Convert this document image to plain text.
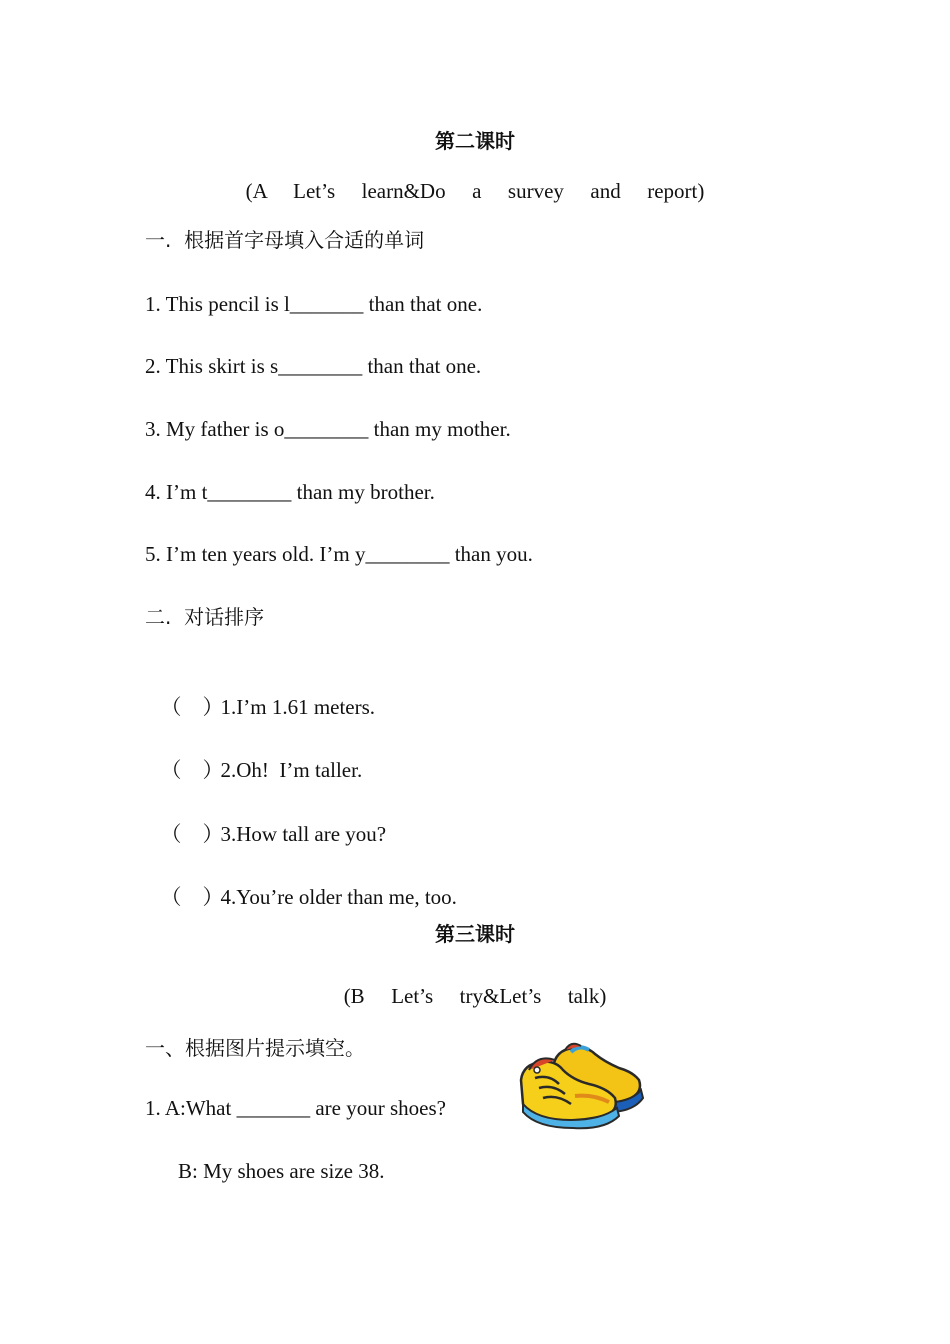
第二课时
(A  Let’s  learn&Do  a  survey  and  report)
一.  根据首字母填入合适的单词
1. This pencil is l_______ than that one.
2. This skirt is s________ than that one.
3. My father is o________ than my mother.
4. I’m t________ than my brother.
5. I’m ten years old. I’m y________ than you.
二.  对话排序

（    ）1.I’m 1.61 meters.

（    ）2.Oh!  I’m taller.

（    ）3.How tall are you?

（    ）4.You’re older than me, too.

第三课时
(B  Let’s  try&Let’s  talk)
一、根据图片提示填空。
1. A:What _______ are your shoes?
B: My shoes are size 38.
